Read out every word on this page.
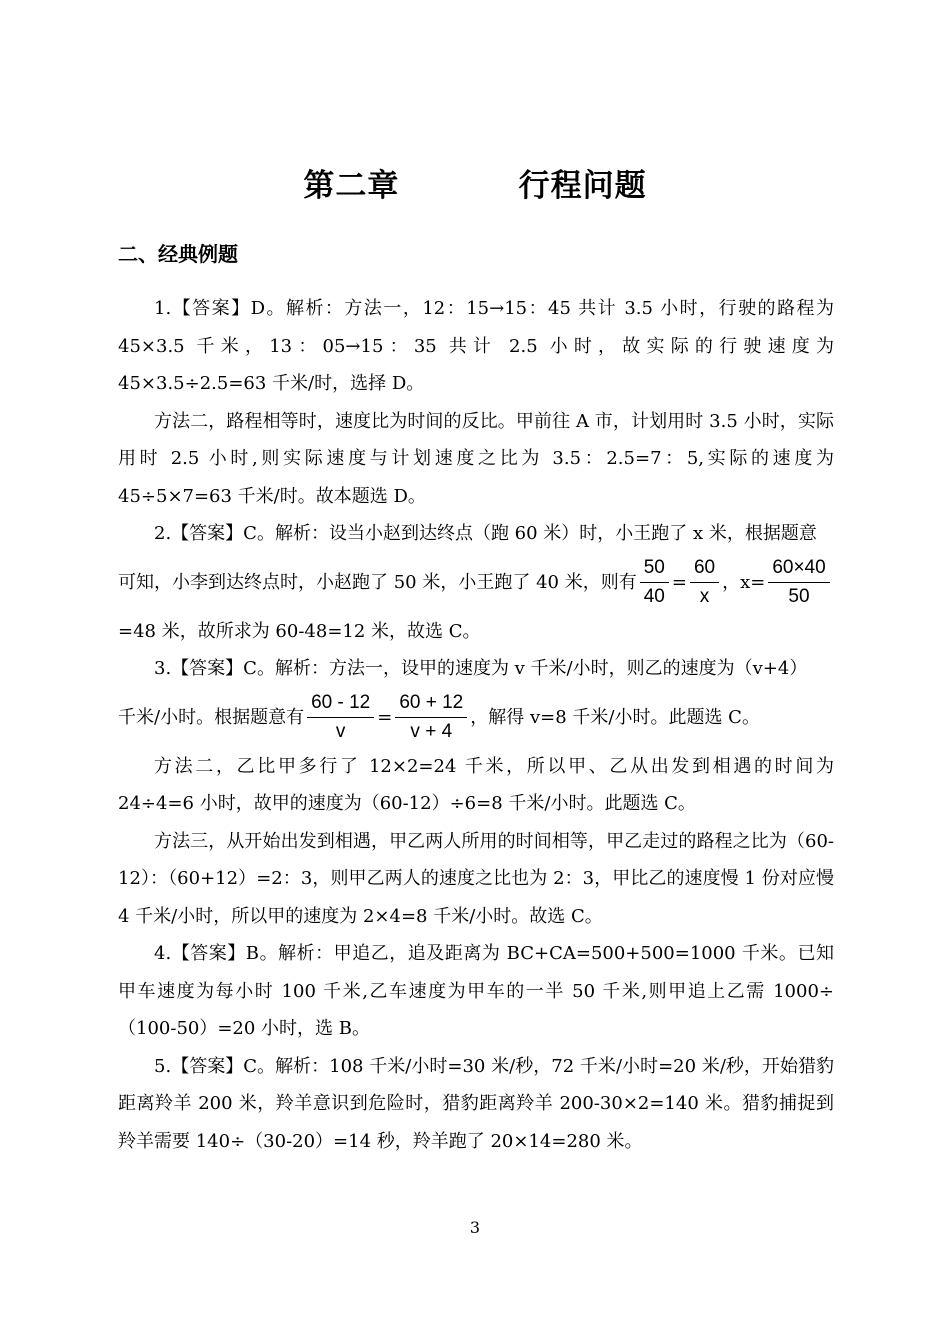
第二章    行程问题
二、经典例题

1.【答案】D。解析：方法一，12：15→15：45 共计 3.5 小时，行驶的路程为 45×3.5 千米，13：05→15：35 共计 2.5 小时，故实际的行驶速度为 45×3.5÷2.5=63 千米/时，选择 D。

方法二，路程相等时，速度比为时间的反比。甲前往 A 市，计划用时 3.5 小时，实际用时 2.5 小时,则实际速度与计划速度之比为 3.5：2.5=7：5,实际的速度为 45÷5×7=63 千米/时。故本题选 D。

2.【答案】C。解析：设当小赵到达终点（跑 60 米）时，小王跑了 x 米，根据题意

可知，小李到达终点时，小赵跑了 50 米，小王跑了 40 米，则有 $\frac{50}{40} = \frac{60}{x}$ ，$x= \frac{60\times 40}{50}$

=48 米，故所求为 60-48=12 米，故选 C。

3.【答案】C。解析：方法一，设甲的速度为 v 千米/小时，则乙的速度为（v+4）

千米/小时。根据题意有 $\frac{60 - 12}{v} = \frac{60 + 12}{v + 4}$ ，解得 v=8 千米/小时。此题选 C。

方法二，乙比甲多行了 12×2=24 千米，所以甲、乙从出发到相遇的时间为 24÷4=6 小时，故甲的速度为（60-12）÷6=8 千米/小时。此题选 C。

方法三，从开始出发到相遇，甲乙两人所用的时间相等，甲乙走过的路程之比为（60-12）：（60+12）=2：3，则甲乙两人的速度之比也为 2：3，甲比乙的速度慢 1 份对应慢 4 千米/小时，所以甲的速度为 2×4=8 千米/小时。故选 C。

4.【答案】B。解析：甲追乙，追及距离为 BC+CA=500+500=1000 千米。已知甲车速度为每小时 100 千米,乙车速度为甲车的一半 50 千米,则甲追上乙需 1000÷（100-50）=20 小时，选 B。

5.【答案】C。解析：108 千米/小时=30 米/秒，72 千米/小时=20 米/秒，开始猎豹距离羚羊 200 米，羚羊意识到危险时，猎豹距离羚羊 200-30×2=140 米。猎豹捕捉到羚羊需要 140÷（30-20）=14 秒，羚羊跑了 20×14=280 米。

3
